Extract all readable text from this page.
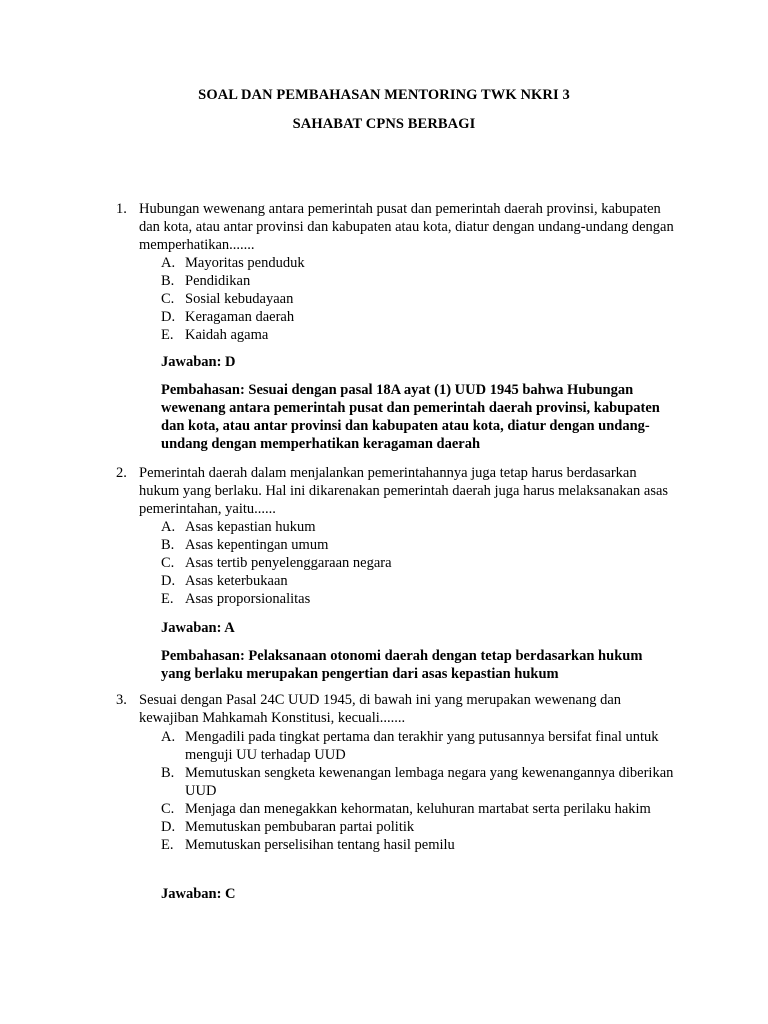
SOAL DAN PEMBAHASAN MENTORING TWK NKRI 3
SAHABAT CPNS BERBAGI
1. Hubungan wewenang antara pemerintah pusat dan pemerintah daerah provinsi, kabupaten dan kota, atau antar provinsi dan kabupaten atau kota, diatur dengan undang-undang dengan memperhatikan.......
A. Mayoritas penduduk
B. Pendidikan
C. Sosial kebudayaan
D. Keragaman daerah
E. Kaidah agama
Jawaban: D
Pembahasan: Sesuai dengan pasal 18A ayat (1) UUD 1945 bahwa Hubungan wewenang antara pemerintah pusat dan pemerintah daerah provinsi, kabupaten dan kota, atau antar provinsi dan kabupaten atau kota, diatur dengan undang-undang dengan memperhatikan keragaman daerah
2. Pemerintah daerah dalam menjalankan pemerintahannya juga tetap harus berdasarkan hukum yang berlaku. Hal ini dikarenakan pemerintah daerah juga harus melaksanakan asas pemerintahan, yaitu......
A. Asas kepastian hukum
B. Asas kepentingan umum
C. Asas tertib penyelenggaraan negara
D. Asas keterbukaan
E. Asas proporsionalitas
Jawaban: A
Pembahasan: Pelaksanaan otonomi daerah dengan tetap berdasarkan hukum yang berlaku merupakan pengertian dari asas kepastian hukum
3. Sesuai dengan Pasal 24C UUD 1945, di bawah ini yang merupakan wewenang dan kewajiban Mahkamah Konstitusi, kecuali.......
A. Mengadili pada tingkat pertama dan terakhir yang putusannya bersifat final untuk menguji UU terhadap UUD
B. Memutuskan sengketa kewenangan lembaga negara yang kewenangannya diberikan UUD
C. Menjaga dan menegakkan kehormatan, keluhuran martabat serta perilaku hakim
D. Memutuskan pembubaran partai politik
E. Memutuskan perselisihan tentang hasil pemilu
Jawaban: C
